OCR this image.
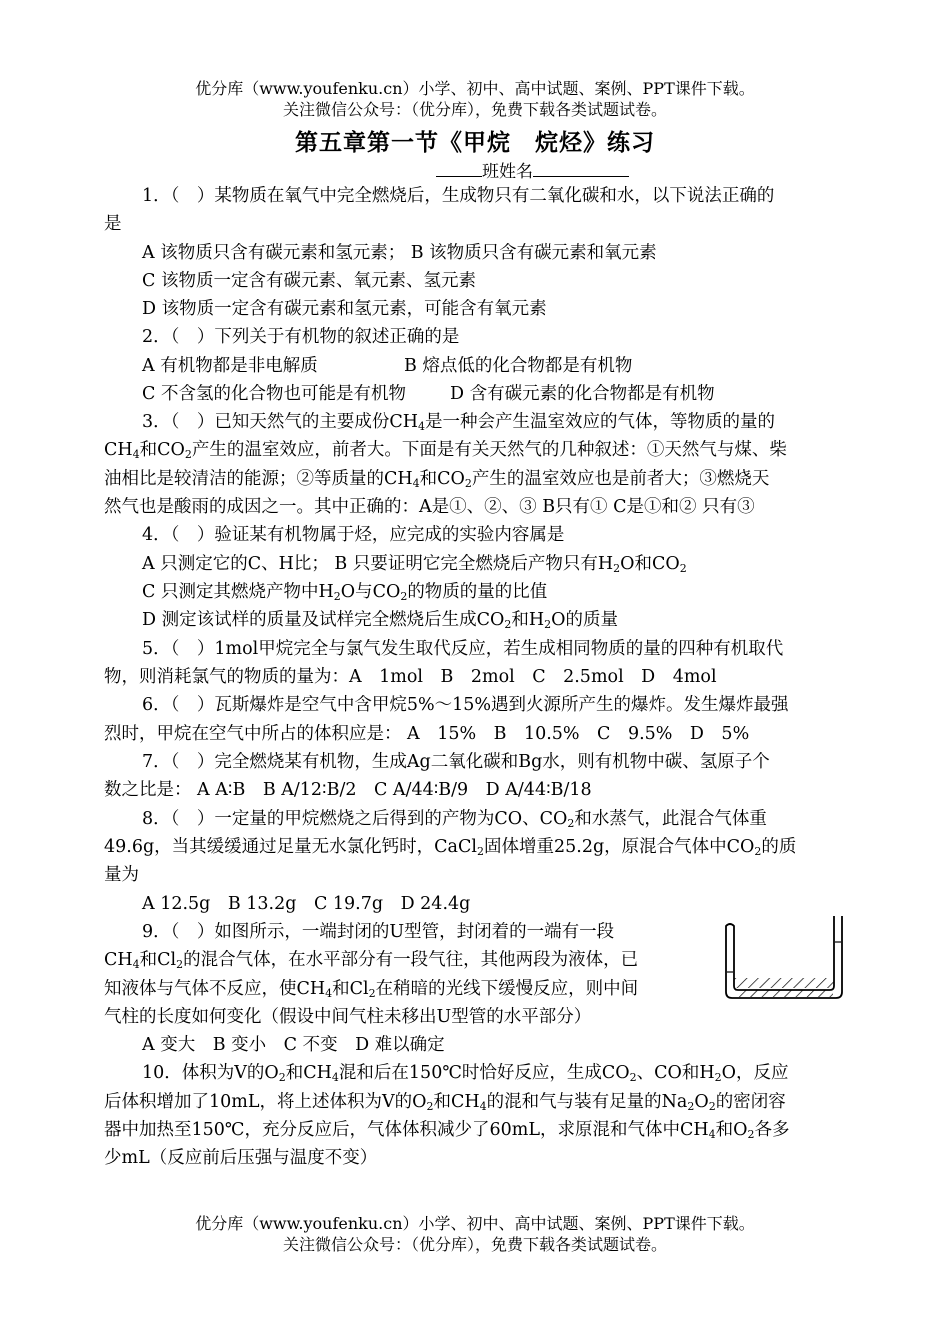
优分库（www.youfenku.cn）小学、初中、高中试题、案例、PPT课件下载。
关注微信公众号：（优分库），免费下载各类试题试卷。
第五章第一节《甲烷　烷烃》练习
班姓名
1．（　）某物质在氧气中完全燃烧后，生成物只有二氧化碳和水，以下说法正确的
是
A 该物质只含有碳元素和氢元素； B 该物质只含有碳元素和氧元素
C 该物质一定含有碳元素、氧元素、氢元素
D 该物质一定含有碳元素和氢元素，可能含有氧元素
2．（　）下列关于有机物的叙述正确的是
A 有机物都是非电解质	B 熔点低的化合物都是有机物
C 不含氢的化合物也可能是有机物	D 含有碳元素的化合物都是有机物
3．（　）已知天然气的主要成份$CH_4$是一种会产生温室效应的气体，等物质的量的
$CH_4$和$CO_2$产生的温室效应，前者大。下面是有关天然气的几种叙述：①天然气与煤、柴
油相比是较清洁的能源；②等质量的$CH_4$和$CO_2$产生的温室效应也是前者大；③燃烧天
然气也是酸雨的成因之一。其中正确的：A是①、②、③ B只有① C是①和② 只有③
4．（　）验证某有机物属于烃，应完成的实验内容属是
A 只测定它的C、H比； B 只要证明它完全燃烧后产物只有$H_2O$和$CO_2$
C 只测定其燃烧产物中$H_2O$与$CO_2$的物质的量的比值
D 测定该试样的质量及试样完全燃烧后生成$CO_2$和$H_2O$的质量
5．（　）1mol甲烷完全与氯气发生取代反应，若生成相同物质的量的四种有机取代
物，则消耗氯气的物质的量为：A　1mol　B　2mol　C　2.5mol　D　4mol
6．（　）瓦斯爆炸是空气中含甲烷5%～15%遇到火源所产生的爆炸。发生爆炸最强
烈时，甲烷在空气中所占的体积应是： A　15%　B　10.5%　C　9.5%　D　5%
7．（　）完全燃烧某有机物，生成Ag二氧化碳和Bg水，则有机物中碳、氢原子个
数之比是： A A∶B　B A/12∶B/2　C A/44∶B/9　D A/44∶B/18
8．（　）一定量的甲烷燃烧之后得到的产物为CO、$CO_2$和水蒸气，此混合气体重
49.6g，当其缓缓通过足量无水氯化钙时，CaCl$_2$固体增重25.2g，原混合气体中$CO_2$的质
量为
A 12.5g　B 13.2g　C 19.7g　D 24.4g
9．（　）如图所示，一端封闭的U型管，封闭着的一端有一段
$CH_4$和$Cl_2$的混合气体，在水平部分有一段气往，其他两段为液体，已
知液体与气体不反应，使$CH_4$和$Cl_2$在稍暗的光线下缓慢反应，则中间
气柱的长度如何变化（假设中间气柱未移出U型管的水平部分）
A 变大　B 变小　C 不变　D 难以确定
10．体积为V的$O_2$和$CH_4$混和后在150℃时恰好反应，生成$CO_2$、CO和$H_2O$，反应
后体积增加了10mL，将上述体积为V的$O_2$和$CH_4$的混和气与装有足量的$Na_2O_2$的密闭容
器中加热至150℃，充分反应后，气体体积减少了60mL，求原混和气体中$CH_4$和$O_2$各多
少mL（反应前后压强与温度不变）
优分库（www.youfenku.cn）小学、初中、高中试题、案例、PPT课件下载。
关注微信公众号：（优分库），免费下载各类试题试卷。
